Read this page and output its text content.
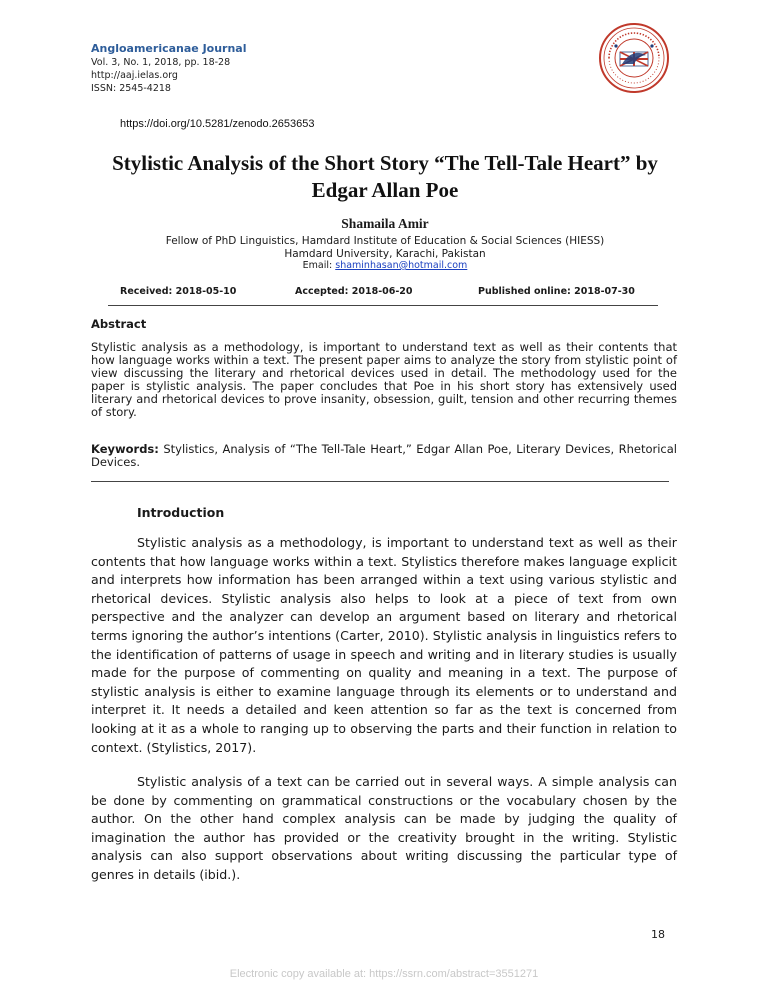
Angloamericanae Journal
Vol. 3, No. 1, 2018, pp. 18-28
http://aaj.ielas.org
ISSN: 2545-4218
https://doi.org/10.5281/zenodo.2653653
Stylistic Analysis of the Short Story “The Tell-Tale Heart” by Edgar Allan Poe
Shamaila Amir
Fellow of PhD Linguistics, Hamdard Institute of Education & Social Sciences (HIESS)
Hamdard University, Karachi, Pakistan
Email: shaminhasan@hotmail.com
Received: 2018-05-10	Accepted: 2018-06-20	Published online: 2018-07-30
Abstract
Stylistic analysis as a methodology, is important to understand text as well as their contents that how language works within a text. The present paper aims to analyze the story from stylistic point of view discussing the literary and rhetorical devices used in detail. The methodology used for the paper is stylistic analysis. The paper concludes that Poe in his short story has extensively used literary and rhetorical devices to prove insanity, obsession, guilt, tension and other recurring themes of story.
Keywords: Stylistics, Analysis of “The Tell-Tale Heart,” Edgar Allan Poe, Literary Devices, Rhetorical Devices.
Introduction
Stylistic analysis as a methodology, is important to understand text as well as their contents that how language works within a text. Stylistics therefore makes language explicit and interprets how information has been arranged within a text using various stylistic and rhetorical devices. Stylistic analysis also helps to look at a piece of text from own perspective and the analyzer can develop an argument based on literary and rhetorical terms ignoring the author’s intentions (Carter, 2010). Stylistic analysis in linguistics refers to the identification of patterns of usage in speech and writing and in literary studies is usually made for the purpose of commenting on quality and meaning in a text. The purpose of stylistic analysis is either to examine language through its elements or to understand and interpret it. It needs a detailed and keen attention so far as the text is concerned from looking at it as a whole to ranging up to observing the parts and their function in relation to context. (Stylistics, 2017).
Stylistic analysis of a text can be carried out in several ways. A simple analysis can be done by commenting on grammatical constructions or the vocabulary chosen by the author. On the other hand complex analysis can be made by judging the quality of imagination the author has provided or the creativity brought in the writing. Stylistic analysis can also support observations about writing discussing the particular type of genres in details (ibid.).
18
Electronic copy available at: https://ssrn.com/abstract=3551271
